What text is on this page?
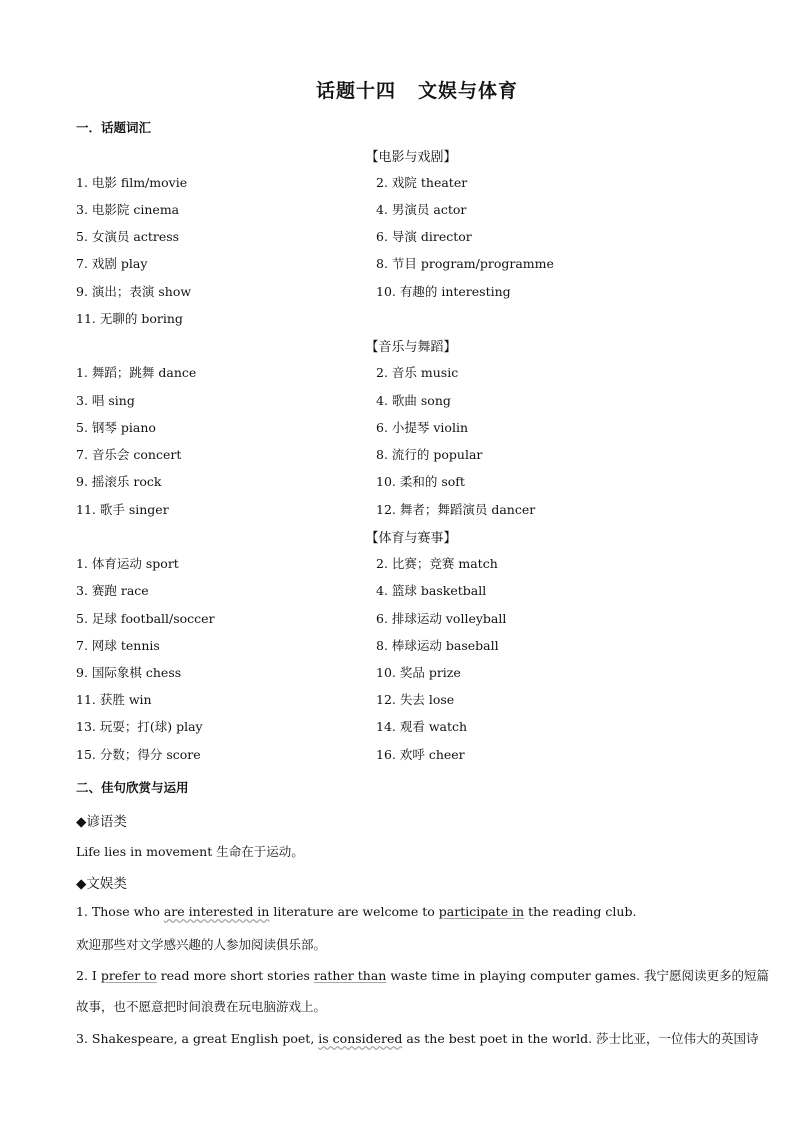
话题十四 文娱与体育
一．话题词汇
【电影与戏剧】
1. 电影 film/movie	2. 戏院 theater
3. 电影院 cinema	4. 男演员 actor
5. 女演员 actress	6. 导演 director
7. 戏剧 play	8. 节目 program/programme
9. 演出；表演 show	10. 有趣的 interesting
11. 无聊的 boring
【音乐与舞蹈】
1. 舞蹈；跳舞 dance	2. 音乐 music
3. 唱 sing	4. 歌曲 song
5. 钢琴 piano	6. 小提琴 violin
7. 音乐会 concert	8. 流行的 popular
9. 摇滚乐 rock	10. 柔和的 soft
11. 歌手 singer	12. 舞者；舞蹈演员 dancer
【体育与赛事】
1. 体育运动 sport	2. 比赛；竞赛 match
3. 赛跑 race	4. 篮球 basketball
5. 足球 football/soccer	6. 排球运动 volleyball
7. 网球 tennis	8. 棒球运动 baseball
9. 国际象棋 chess	10. 奖品 prize
11. 获胜 win	12. 失去 lose
13. 玩耍；打(球) play	14. 观看 watch
15. 分数；得分 score	16. 欢呼 cheer
二、佳句欣赏与运用
◆谚语类
Life lies in movement 生命在于运动。
◆文娱类
1. Those who are interested in literature are welcome to participate in the reading club.
欢迎那些对文学感兴趣的人参加阅读俱乐部。
2. I prefer to read more short stories rather than waste time in playing computer games. 我宁愿阅读更多的短篇
故事，也不愿意把时间浪费在玩电脑游戏上。
3. Shakespeare, a great English poet, is considered as the best poet in the world. 莎士比亚，一位伟大的英国诗
